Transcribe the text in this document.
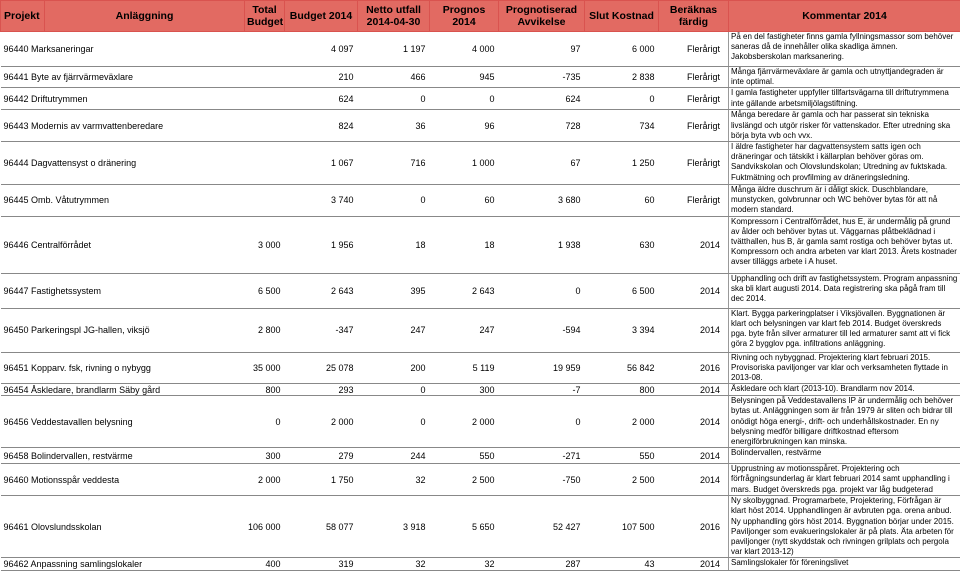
Projekt	Anläggning	Total Budget	Budget 2014	Netto utfall 2014-04-30	Prognos 2014	Prognotiserad Avvikelse	Slut Kostnad	Beräknas färdig	Kommentar 2014
96440 Marksaneringar			4 097	1 197	4 000	97	6 000	Flerårigt	På en del fastigheter finns gamla fyllningsmassor som behöver saneras då de innehåller olika skadliga ämnen. Jakobsberskolan marksanering.
96441 Byte av fjärrvärmeväxlare			210	466	945	-735	2 838	Flerårigt	Många fjärrvärmeväxlare är gamla och utnyttjandegraden är inte optimal.
96442 Driftutrymmen			624	0	0	624	0	Flerårigt	I gamla fastigheter uppfyller tillfartsvägarna till driftutrymmena inte gällande arbetsmiljölagstiftning.
96443 Modernis av varmvattenberedare			824	36	96	728	734	Flerårigt	Många beredare är gamla och har passerat sin tekniska livslängd och utgör risker för vattenskador. Efter utredning ska börja byta vvb och vvx.
96444 Dagvattensyst o dränering			1 067	716	1 000	67	1 250	Flerårigt	I äldre fastigheter har dagvattensystem satts igen och dräneringar och tätskikt i källarplan behöver göras om. Sandvikskolan och Olovslundskolan; Utredning av fuktskada. Fuktmätning och provfilming av dräneringsledning.
96445 Omb. Våtutrymmen			3 740	0	60	3 680	60	Flerårigt	Många äldre duschrum är i dåligt skick. Duschblandare, munstycken, golvbrunnar och WC behöver bytas för att nå modern standard.
96446 Centralförrådet		3 000	1 956	18	18	1 938	630	2014	Kompressorn i Centralförrådet, hus E, är undermålig på grund av ålder och behöver bytas ut. Väggarnas plåtbeklädnad i tvätthallen, hus B, är gamla samt rostiga och behöver bytas ut. Kompressorn och andra arbeten var klart 2013. Årets kostnader avser tilläggs arbete i A huset.
96447 Fastighetssystem		6 500	2 643	395	2 643	0	6 500	2014	Upphandling och drift av fastighetssystem. Program anpassning ska bli klart augusti 2014. Data registrering ska pågå fram till dec 2014.
96450 Parkeringspl JG-hallen, viksjö		2 800	-347	247	247	-594	3 394	2014	Klart. Bygga parkeringplatser i Viksjövallen. Byggnationen är klart och belysningen var klart feb 2014. Budget överskreds pga. byte från silver armaturer till led armaturer samt att vi fick göra 2 bygglov pga. infiltrations anläggning.
96451 Kopparv. fsk, rivning o nybygg		35 000	25 078	200	5 119	19 959	56 842	2016	Rivning och nybyggnad. Projektering klart februari 2015. Provisoriska paviljonger var klar och verksamheten flyttade in 2013-08.
96454 Åskledare, brandlarm Säby gård		800	293	0	300	-7	800	2014	Åskledare och klart (2013-10). Brandlarm nov 2014.
96456 Veddestavallen belysning		0	2 000	0	2 000	0	2 000	2014	Belysningen på Veddestavallens IP är undermålig och behöver bytas ut. Anläggningen som är från 1979 är sliten och bidrar till onödigt höga energi-, drift- och underhållskostnader. En ny belysning medför billigare driftkostnad eftersom energiförbrukningen kan minska.
96458 Bolindervallen, restvärme		300	279	244	550	-271	550	2014	Bolindervallen, restvärme
96460 Motionsspår veddesta		2 000	1 750	32	2 500	-750	2 500	2014	Upprustning av motionsspåret. Projektering och förfrågningsunderlag är klart februari 2014 samt upphandling i mars. Budget överskreds pga. projekt var låg budgeterad
96461 Olovslundsskolan		106 000	58 077	3 918	5 650	52 427	107 500	2016	Ny skolbyggnad. Programarbete, Projektering, Förfrågan är klart höst 2014. Upphandlingen är avbruten pga. orena anbud. Ny upphandling görs höst 2014. Byggnation börjar under 2015. Paviljonger som evakueringslokaler är på plats. Äta arbeten för paviljonger (nytt skyddstak och rivningen grilplats och pergola var klart 2013-12)
96462 Anpassning samlingslokaler		400	319	32	32	287	43	2014	Samlingslokaler för föreningslivet
